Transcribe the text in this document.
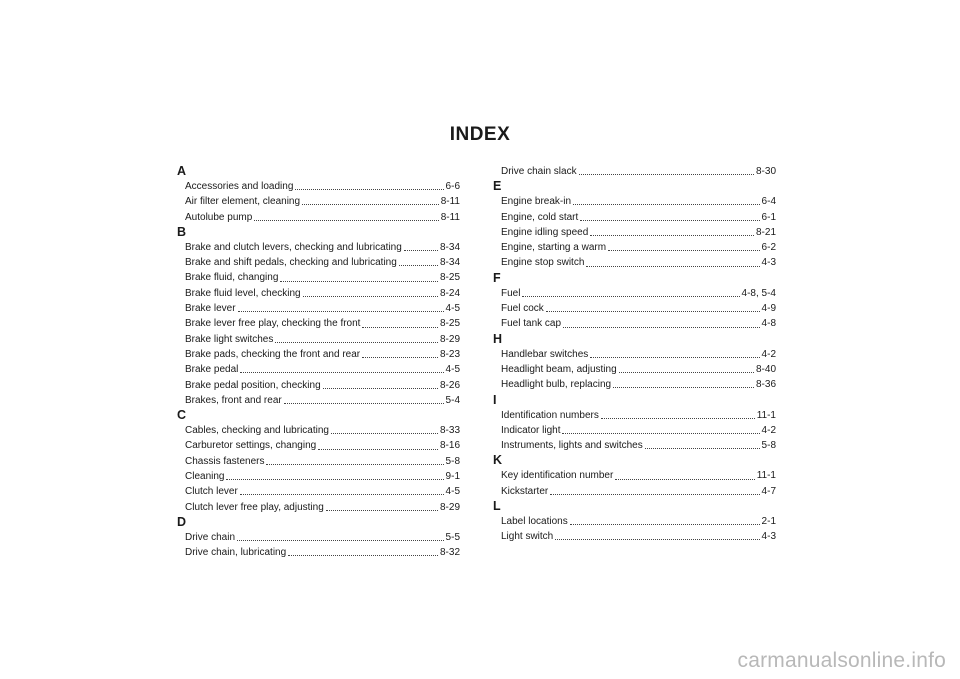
INDEX
A
Accessories and loading	6-6
Air filter element, cleaning	8-11
Autolube pump	8-11
B
Brake and clutch levers, checking and lubricating	8-34
Brake and shift pedals, checking and lubricating	8-34
Brake fluid, changing	8-25
Brake fluid level, checking	8-24
Brake lever	4-5
Brake lever free play, checking the front	8-25
Brake light switches	8-29
Brake pads, checking the front and rear	8-23
Brake pedal	4-5
Brake pedal position, checking	8-26
Brakes, front and rear	5-4
C
Cables, checking and lubricating	8-33
Carburetor settings, changing	8-16
Chassis fasteners	5-8
Cleaning	9-1
Clutch lever	4-5
Clutch lever free play, adjusting	8-29
D
Drive chain	5-5
Drive chain, lubricating	8-32
Drive chain slack	8-30
E
Engine break-in	6-4
Engine, cold start	6-1
Engine idling speed	8-21
Engine, starting a warm	6-2
Engine stop switch	4-3
F
Fuel	4-8, 5-4
Fuel cock	4-9
Fuel tank cap	4-8
H
Handlebar switches	4-2
Headlight beam, adjusting	8-40
Headlight bulb, replacing	8-36
I
Identification numbers	11-1
Indicator light	4-2
Instruments, lights and switches	5-8
K
Key identification number	11-1
Kickstarter	4-7
L
Label locations	2-1
Light switch	4-3
carmanualsonline.info
